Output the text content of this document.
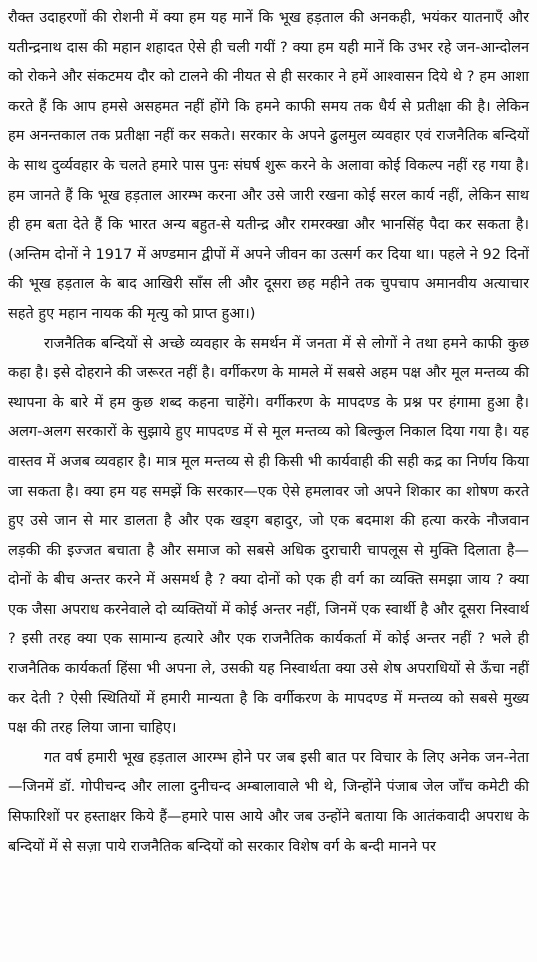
रौक्त उदाहरणों की रोशनी में क्या हम यह मानें कि भूख हड़ताल की अनकही, भयंकर यातनाएँ और यतीन्द्रनाथ दास की महान शहादत ऐसे ही चली गयीं ? क्या हम यही मानें कि उभर रहे जन-आन्दोलन को रोकने और संकटमय दौर को टालने की नीयत से ही सरकार ने हमें आश्वासन दिये थे ? हम आशा करते हैं कि आप हमसे असहमत नहीं होंगे कि हमने काफी समय तक धैर्य से प्रतीक्षा की है। लेकिन हम अनन्तकाल तक प्रतीक्षा नहीं कर सकते। सरकार के अपने ढुलमुल व्यवहार एवं राजनैतिक बन्दियों के साथ दुर्व्यवहार के चलते हमारे पास पुनः संघर्ष शुरू करने के अलावा कोई विकल्प नहीं रह गया है। हम जानते हैं कि भूख हड़ताल आरम्भ करना और उसे जारी रखना कोई सरल कार्य नहीं, लेकिन साथ ही हम बता देते हैं कि भारत अन्य बहुत-से यतीन्द्र और रामरक्खा और भानसिंह पैदा कर सकता है। (अन्तिम दोनों ने 1917 में अण्डमान द्वीपों में अपने जीवन का उत्सर्ग कर दिया था। पहले ने 92 दिनों की भूख हड़ताल के बाद आखिरी साँस ली और दूसरा छह महीने तक चुपचाप अमानवीय अत्याचार सहते हुए महान नायक की मृत्यु को प्राप्त हुआ।)

राजनैतिक बन्दियों से अच्छे व्यवहार के समर्थन में जनता में से लोगों ने तथा हमने काफी कुछ कहा है। इसे दोहराने की जरूरत नहीं है। वर्गीकरण के मामले में सबसे अहम पक्ष और मूल मन्तव्य की स्थापना के बारे में हम कुछ शब्द कहना चाहेंगे। वर्गीकरण के मापदण्ड के प्रश्न पर हंगामा हुआ है। अलग-अलग सरकारों के सुझाये हुए मापदण्ड में से मूल मन्तव्य को बिल्कुल निकाल दिया गया है। यह वास्तव में अजब व्यवहार है। मात्र मूल मन्तव्य से ही किसी भी कार्यवाही की सही कद्र का निर्णय किया जा सकता है। क्या हम यह समझें कि सरकार—एक ऐसे हमलावर जो अपने शिकार का शोषण करते हुए उसे जान से मार डालता है और एक खड्ग बहादुर, जो एक बदमाश की हत्या करके नौजवान लड़की की इज्जत बचाता है और समाज को सबसे अधिक दुराचारी चापलूस से मुक्ति दिलाता है—दोनों के बीच अन्तर करने में असमर्थ है ? क्या दोनों को एक ही वर्ग का व्यक्ति समझा जाय ? क्या एक जैसा अपराध करनेवाले दो व्यक्तियों में कोई अन्तर नहीं, जिनमें एक स्वार्थी है और दूसरा निस्वार्थ ? इसी तरह क्या एक सामान्य हत्यारे और एक राजनैतिक कार्यकर्ता में कोई अन्तर नहीं ? भले ही राजनैतिक कार्यकर्ता हिंसा भी अपना ले, उसकी यह निस्वार्थता क्या उसे शेष अपराधियों से ऊँचा नहीं कर देती ? ऐसी स्थितियों में हमारी मान्यता है कि वर्गीकरण के मापदण्ड में मन्तव्य को सबसे मुख्य पक्ष की तरह लिया जाना चाहिए।

गत वर्ष हमारी भूख हड़ताल आरम्भ होने पर जब इसी बात पर विचार के लिए अनेक जन-नेता—जिनमें डॉ. गोपीचन्द और लाला दुनीचन्द अम्बालावाले भी थे, जिन्होंने पंजाब जेल जाँच कमेटी की सिफारिशों पर हस्ताक्षर किये हैं—हमारे पास आये और जब उन्होंने बताया कि आतंकवादी अपराध के बन्दियों में से सज़ा पाये राजनैतिक बन्दियों को सरकार विशेष वर्ग के बन्दी मानने पर
